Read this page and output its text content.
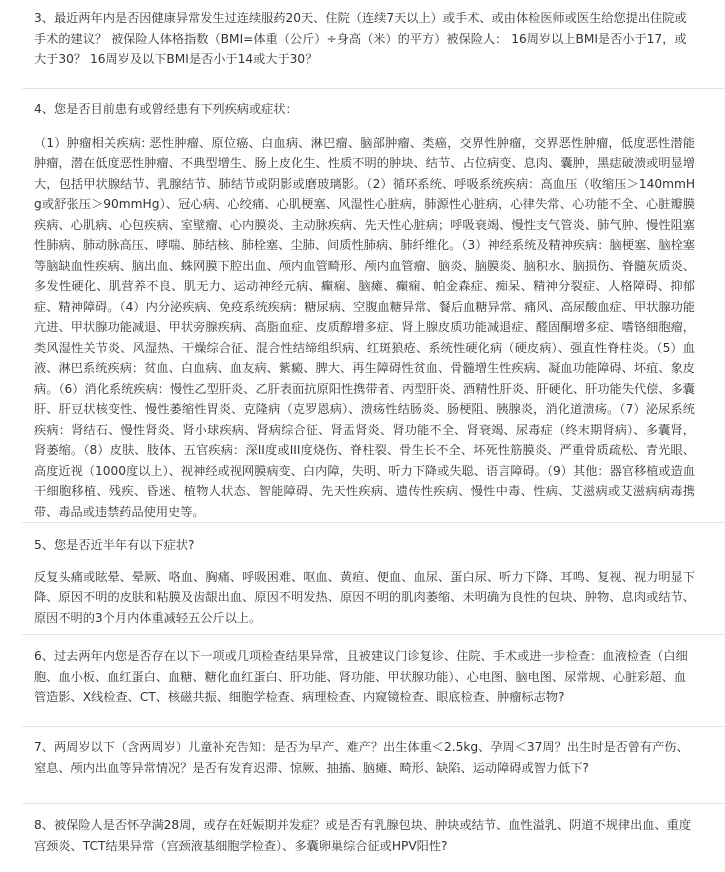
3、最近两年内是否因健康异常发生过连续服药20天、住院（连续7天以上）或手术、或由体检医师或医生给您提出住院或手术的建议？ 被保险人体格指数（BMI=体重（公斤）÷身高（米）的平方）被保险人： 16周岁以上BMI是否小于17，或大于30？ 16周岁及以下BMI是否小于14或大于30？

4、您是否目前患有或曾经患有下列疾病或症状：

（1）肿瘤相关疾病: 恶性肿瘤、原位癌、白血病、淋巴瘤、脑部肿瘤、类癌，交界性肿瘤，交界恶性肿瘤，低度恶性潜能肿瘤，潜在低度恶性肿瘤、不典型增生、肠上皮化生、性质不明的肿块、结节、占位病变、息肉、囊肿，黑痣破溃或明显增大，包括甲状腺结节、乳腺结节、肺结节或阴影或磨玻璃影。（2）循环系统、呼吸系统疾病：高血压（收缩压＞140mmHg或舒张压＞90mmHg）、冠心病、心绞痛、心肌梗塞、风湿性心脏病，肺源性心脏病，心律失常、心功能不全、心脏瓣膜疾病、心肌病、心包疾病、室壁瘤、心内膜炎、主动脉疾病、先天性心脏病；呼吸衰竭、慢性支气管炎、肺气肿、慢性阻塞性肺病、肺动脉高压、哮喘、肺结核、肺栓塞、尘肺、间质性肺病、肺纤维化。（3）神经系统及精神疾病：脑梗塞、脑栓塞等脑缺血性疾病、脑出血、蛛网膜下腔出血、颅内血管畸形、颅内血管瘤、脑炎、脑膜炎、脑积水、脑损伤、脊髓灰质炎、多发性硬化、肌营养不良、肌无力、运动神经元病、癫痫、脑瘫、癫痫、帕金森症、痴呆、精神分裂症、人格障碍、抑郁症、精神障碍。（4）内分泌疾病、免疫系统疾病：糖尿病、空腹血糖异常、餐后血糖异常、痛风、高尿酸血症、甲状腺功能亢进、甲状腺功能减退、甲状旁腺疾病、高脂血症、皮质醇增多症、肾上腺皮质功能减退症、醛固酮增多症、嗜铬细胞瘤，类风湿性关节炎、风湿热、干燥综合征、混合性结缔组织病、红斑狼疮、系统性硬化病（硬皮病）、强直性脊柱炎。（5）血液、淋巴系统疾病：贫血、白血病、血友病、紫癜、脾大、再生障碍性贫血、骨髓增生性疾病、凝血功能障碍、坏疽、象皮病。（6）消化系统疾病：慢性乙型肝炎、乙肝表面抗原阳性携带者、丙型肝炎、酒精性肝炎、肝硬化、肝功能失代偿、多囊肝、肝豆状核变性、慢性萎缩性胃炎、克隆病（克罗恩病）、溃疡性结肠炎、肠梗阻、胰腺炎，消化道溃疡。（7）泌尿系统疾病：肾结石、慢性肾炎、肾小球疾病、肾病综合征、肾盂肾炎、肾功能不全、肾衰竭、尿毒症（终末期肾病）、多囊肾，肾萎缩。（8）皮肤、肢体、五官疾病：深II度或III度烧伤、脊柱裂、骨生长不全、坏死性筋膜炎、严重骨质疏松、青光眼、高度近视（1000度以上）、视神经或视网膜病变、白内障，失明、听力下降或失聪、语言障碍。（9）其他：器官移植或造血干细胞移植、残疾、昏迷、植物人状态、智能障碍、先天性疾病、遗传性疾病、慢性中毒、性病、艾滋病或艾滋病病毒携带、毒品或违禁药品使用史等。

5、您是否近半年有以下症状?

反复头痛或眩晕、晕厥、咯血、胸痛、呼吸困难、呕血、黄疸、便血、血尿、蛋白尿、听力下降、耳鸣、复视、视力明显下降、原因不明的皮肤和粘膜及齿龈出血、原因不明发热、原因不明的肌肉萎缩、未明确为良性的包块、肿物、息肉或结节、原因不明的3个月内体重减轻五公斤以上。

6、过去两年内您是否存在以下一项或几项检查结果异常，且被建议门诊复诊、住院、手术或进一步检查：血液检查（白细胞、血小板、血红蛋白、血糖、糖化血红蛋白、肝功能、肾功能、甲状腺功能）、心电图、脑电图、尿常规、心脏彩超、血管造影、X线检查、CT、核磁共振、细胞学检查、病理检查、内窥镜检查、眼底检查、肿瘤标志物?

7、两周岁以下（含两周岁）儿童补充告知：是否为早产、难产？出生体重＜2.5kg、孕周＜37周？出生时是否曾有产伤、窒息、颅内出血等异常情况？是否有发育迟滞、惊厥、抽搐、脑瘫、畸形、缺陷、运动障碍或智力低下?

8、被保险人是否怀孕满28周，或存在妊娠期并发症？或是否有乳腺包块、肿块或结节、血性溢乳、阴道不规律出血、重度宫颈炎、TCT结果异常（宫颈液基细胞学检查）、多囊卵巢综合征或HPV阳性?
